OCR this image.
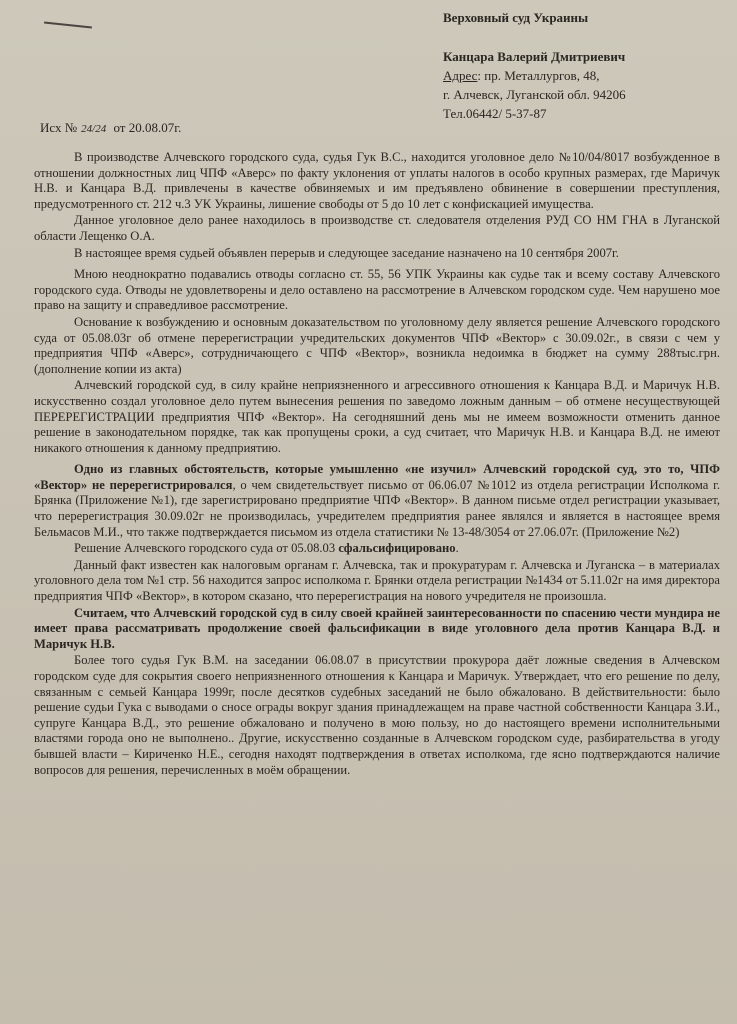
Верховный суд Украины
Канцара Валерий Дмитриевич
Адрес: пр. Металлургов, 48,
г. Алчевск, Луганской обл. 94206
Тел.06442/ 5-37-87
Исх № 24/24 от 20.08.07г.

В производстве Алчевского городского суда, судья Гук В.С., находится уголовное дело №10/04/8017 возбужденное в отношении должностных лиц ЧПФ «Аверс» по факту уклонения от уплаты налогов в особо крупных размерах, где Маричук Н.В. и Канцара В.Д. привлечены в качестве обвиняемых и им предъявлено обвинение в совершении преступления, предусмотренного ст. 212 ч.3 УК Украины, лишение свободы от 5 до 10 лет с конфискацией имущества.

Данное уголовное дело ранее находилось в производстве ст. следователя отделения РУД СО НМ ГНА в Луганской области Лещенко О.А.

В настоящее время судьей объявлен перерыв и следующее заседание назначено на 10 сентября 2007г.

Мною неоднократно подавались отводы согласно ст. 55, 56 УПК Украины как судье так и всему составу Алчевского городского суда. Отводы не удовлетворены и дело оставлено на рассмотрение в Алчевском городском суде. Чем нарушено мое право на защиту и справедливое рассмотрение.

Основание к возбуждению и основным доказательством по уголовному делу является решение Алчевского городского суда от 05.08.03г об отмене перерегистрации учредительских документов ЧПФ «Вектор» с 30.09.02г., в связи с чем у предприятия ЧПФ «Аверс», сотрудничающего с ЧПФ «Вектор», возникла недоимка в бюджет на сумму 288тыс.грн.(дополнение копии из акта)

Алчевский городской суд, в силу крайне неприязненного и агрессивного отношения к Канцара В.Д. и Маричук Н.В. искусственно создал уголовное дело путем вынесения решения по заведомо ложным данным – об отмене несуществующей ПЕРЕРЕГИСТРАЦИИ предприятия ЧПФ «Вектор». На сегодняшний день мы не имеем возможности отменить данное решение в законодательном порядке, так как пропущены сроки, а суд считает, что Маричук Н.В. и Канцара В.Д. не имеют никакого отношения к данному предприятию.

Одно из главных обстоятельств, которые умышленно «не изучил» Алчевский городской суд, это то, ЧПФ «Вектор» не перерегистрировался, о чем свидетельствует письмо от 06.06.07 №1012 из отдела регистрации Исполкома г. Брянка (Приложение №1), где зарегистрировано предприятие ЧПФ «Вектор». В данном письме отдел регистрации указывает, что перерегистрация 30.09.02г не производилась, учредителем предприятия ранее являлся и является в настоящее время Бельмасов М.И., что также подтверждается письмом из отдела статистики № 13-48/3054 от 27.06.07г. (Приложение №2)

Решение Алчевского городского суда от 05.08.03 сфальсифицировано.

Данный факт известен как налоговым органам г. Алчевска, так и прокуратурам г. Алчевска и Луганска – в материалах уголовного дела том №1 стр. 56 находится запрос исполкома г. Брянки отдела регистрации №1434 от 5.11.02г на имя директора предприятия ЧПФ «Вектор», в котором сказано, что перерегистрация на нового учредителя не произошла.

Считаем, что Алчевский городской суд в силу своей крайней заинтересованности по спасению чести мундира не имеет права рассматривать продолжение своей фальсификации в виде уголовного дела против Канцара В.Д. и Маричук Н.В.

Более того судья Гук В.М. на заседании 06.08.07 в присутствии прокурора даёт ложные сведения в Алчевском городском суде для сокрытия своего неприязненного отношения к Канцара и Маричук. Утверждает, что его решение по делу, связанным с семьей Канцара 1999г, после десятков судебных заседаний не было обжаловано. В действительности: было решение судьи Гука с выводами о сносе ограды вокруг здания принадлежащем на праве частной собственности Канцара З.И., супруге Канцара В.Д., это решение обжаловано и получено в мою пользу, но до настоящего времени исполнительными властями города оно не выполнено.. Другие, искусственно созданные в Алчевском городском суде, разбирательства в угоду бывшей власти – Кириченко Н.Е., сегодня находят подтверждения в ответах исполкома, где ясно подтверждаются наличие вопросов для решения, перечисленных в моём обращении.
